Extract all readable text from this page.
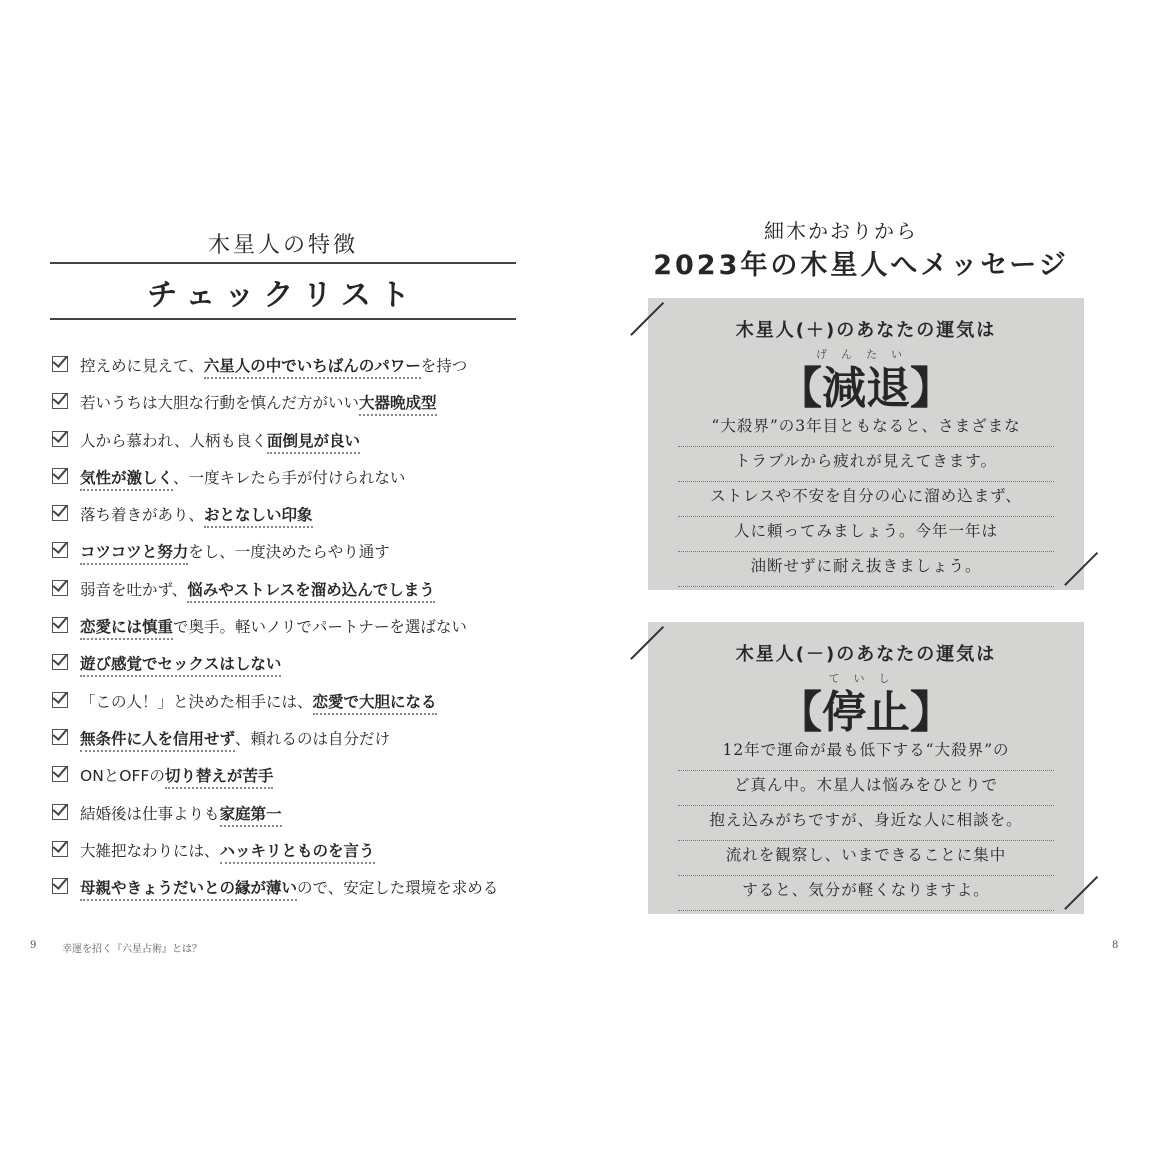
木星人の特徴
チェックリスト
控えめに見えて、 六星人の中でいちばんのパワー を持つ
若いうちは大胆な行動を慎んだ方がいい 大器晩成型
人から慕われ、人柄も良く 面倒見が良い
気性が激しく 、一度キレたら手が付けられない
落ち着きがあり、 おとなしい印象
コツコツと努力 をし、一度決めたらやり通す
弱音を吐かず、 悩みやストレスを溜め込んでしまう
恋愛には慎重 で奥手。軽いノリでパートナーを選ばない
遊び感覚でセックスはしない
「この人！」と決めた相手には、 恋愛で大胆になる
無条件に人を信用せず 、頼れるのは自分だけ
ONとOFFの 切り替えが苦手
結婚後は仕事よりも 家庭第一
大雑把なわりには、 ハッキリとものを言う
母親やきょうだいとの縁が薄い ので、安定した環境を求める
9	幸運を招く『六星占術』とは？	8
細木かおりから
2023年の木星人へメッセージ
木星人(＋)のあなたの運気は
げんたい
【減退】
“大殺界”の3年目ともなると、さまざまな
トラブルから疲れが見えてきます。
ストレスや不安を自分の心に溜め込まず、
人に頼ってみましょう。今年一年は
油断せずに耐え抜きましょう。
木星人(－)のあなたの運気は
ていし
【停止】
12年で運命が最も低下する“大殺界”の
ど真ん中。木星人は悩みをひとりで
抱え込みがちですが、身近な人に相談を。
流れを観察し、いまできることに集中
すると、気分が軽くなりますよ。
